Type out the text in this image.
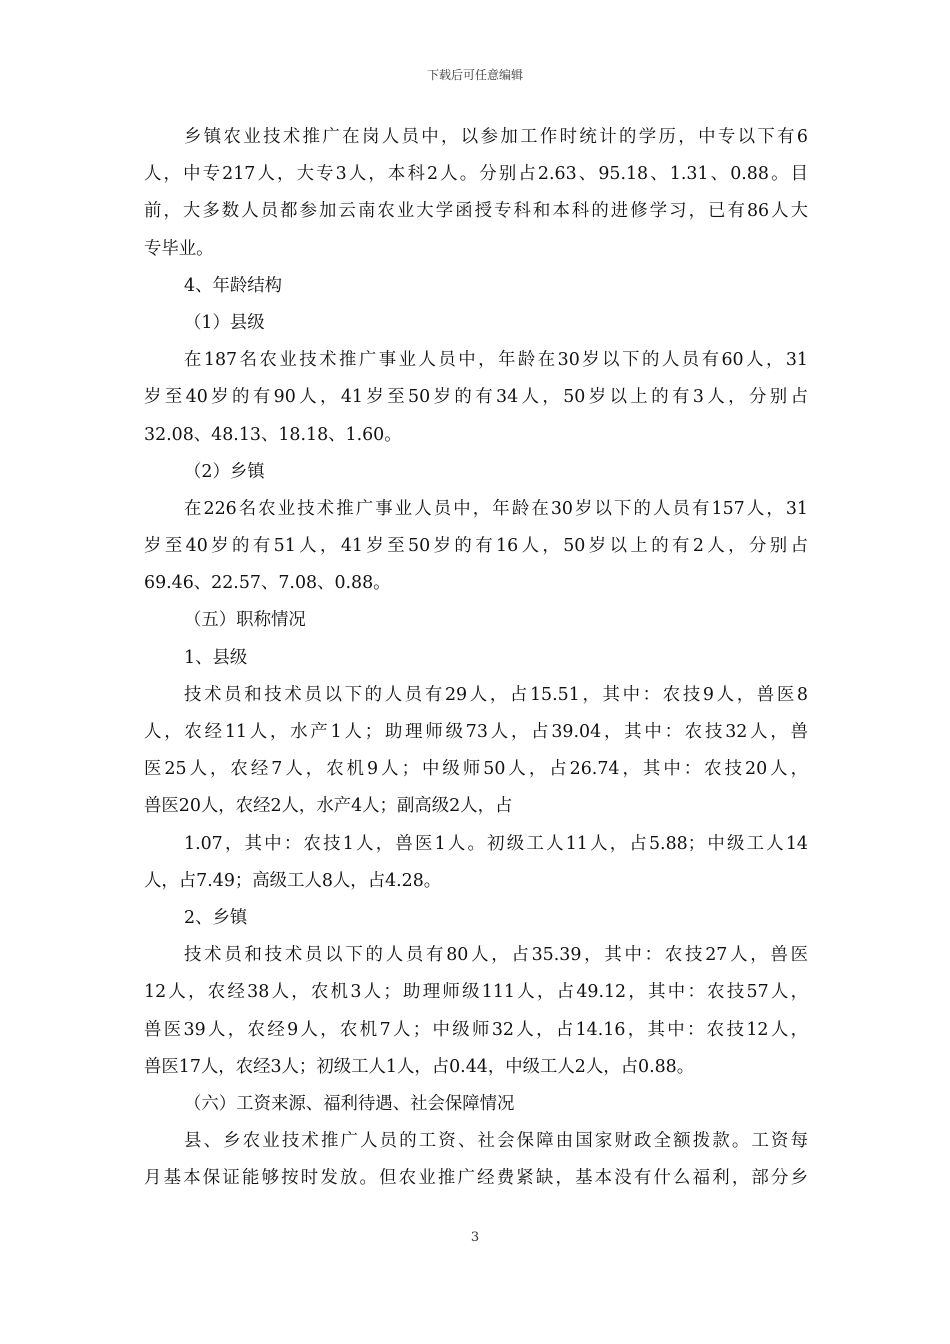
下载后可任意编辑
乡镇农业技术推广在岗人员中，以参加工作时统计的学历，中专以下有6
人，中专217人，大专3人，本科2人。分别占2.63、95.18、1.31、0.88。目
前，大多数人员都参加云南农业大学函授专科和本科的进修学习，已有86人大
专毕业。
4、年龄结构
（1）县级
在187名农业技术推广事业人员中，年龄在30岁以下的人员有60人，31
岁至40岁的有90人，41岁至50岁的有34人，50岁以上的有3人，分别占
32.08、48.13、18.18、1.60。
（2）乡镇
在226名农业技术推广事业人员中，年龄在30岁以下的人员有157人，31
岁至40岁的有51人，41岁至50岁的有16人，50岁以上的有2人，分别占
69.46、22.57、7.08、0.88。
（五）职称情况
1、县级
技术员和技术员以下的人员有29人，占15.51，其中：农技9人，兽医8
人，农经11人，水产1人；助理师级73人，占39.04，其中：农技32人，兽
医25人，农经7人，农机9人；中级师50人，占26.74，其中：农技20人，
兽医20人，农经2人，水产4人；副高级2人，占
1.07，其中：农技1人，兽医1人。初级工人11人，占5.88；中级工人14
人，占7.49；高级工人8人，占4.28。
2、乡镇
技术员和技术员以下的人员有80人，占35.39，其中：农技27人，兽医
12人，农经38人，农机3人；助理师级111人，占49.12，其中：农技57人，
兽医39人，农经9人，农机7人；中级师32人，占14.16，其中：农技12人，
兽医17人，农经3人；初级工人1人，占0.44，中级工人2人，占0.88。
（六）工资来源、福利待遇、社会保障情况
县、乡农业技术推广人员的工资、社会保障由国家财政全额拨款。工资每
月基本保证能够按时发放。但农业推广经费紧缺，基本没有什么福利，部分乡
3
